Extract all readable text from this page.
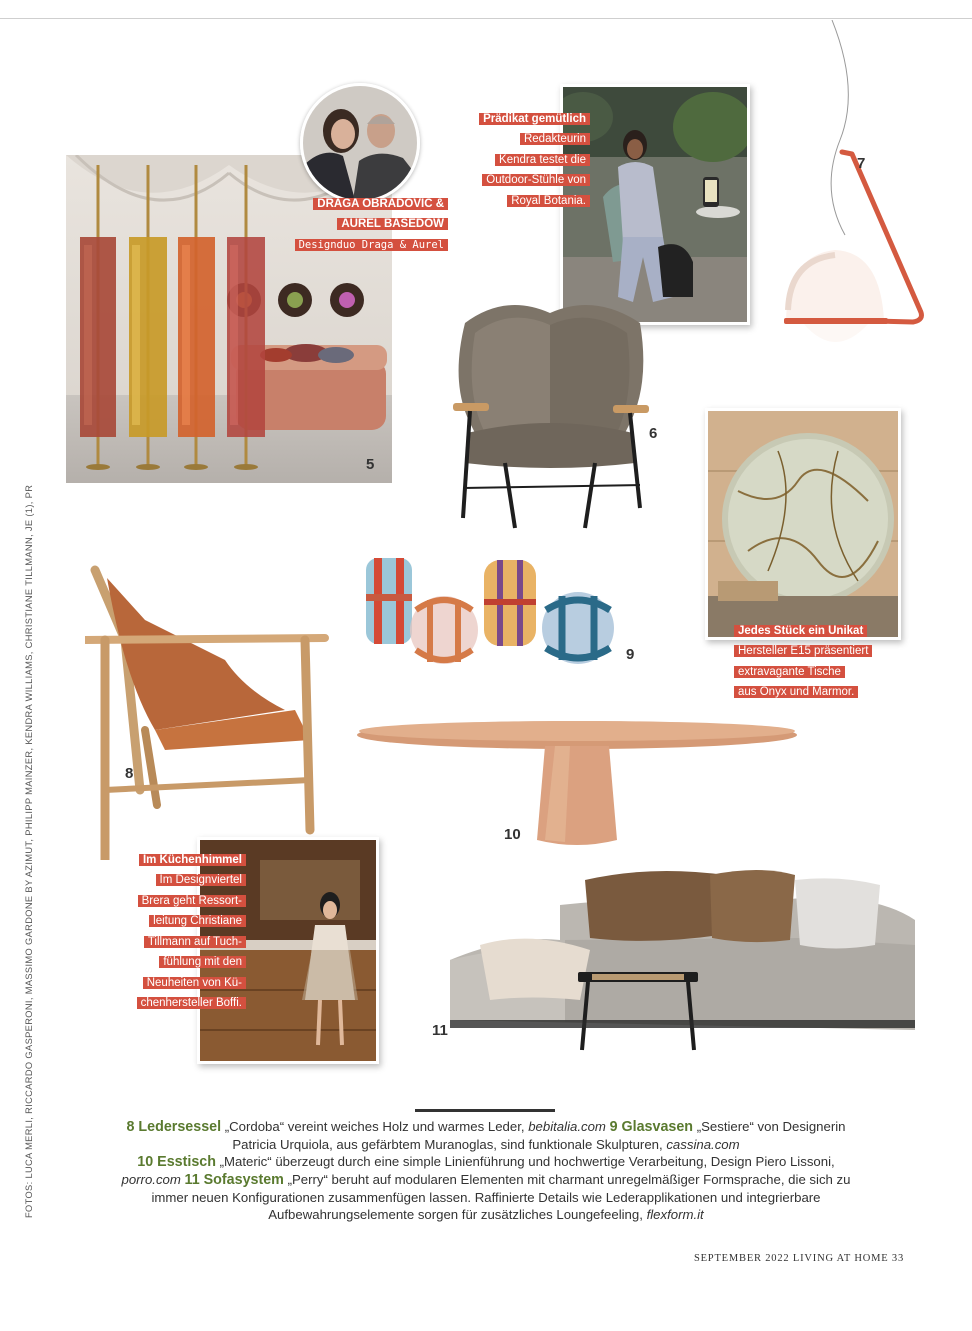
5
DRAGA OBRADOVIC &
AUREL BASEDOW
Designduo Draga & Aurel
Prädikat gemütlich
Redakteurin
Kendra testet die
Outdoor-Stühle von
Royal Botania.
7
6
Jedes Stück ein Unikat
Hersteller E15 präsentiert
extravagante Tische
aus Onyx und Marmor.
9
8
10
11
Im Küchenhimmel
Im Designviertel
Brera geht Ressort-
leitung Christiane
Tillmann auf Tuch-
fühlung mit den
Neuheiten von Kü-
chenhersteller Boffi.
FOTOS: LUCA MERLI, RICCARDO GASPERONI, MASSIMO GARDONE BY AZIMUT, PHILIPP MAINZER, KENDRA WILLIAMS, CHRISTIANE TILLMANN, JE (1), PR	8 Ledersessel „Cordoba“ vereint weiches Holz und warmes Leder, bebitalia.com 9 Glasvasen „Sestiere“ von Designerin Patricia Urquiola, aus gefärbtem Muranoglas, sind funktionale Skulpturen, cassina.com
10 Esstisch „Materic“ überzeugt durch eine simple Linienführung und hochwertige Verarbeitung, Design Piero Lissoni, porro.com 11 Sofasystem „Perry“ beruht auf modularen Elementen mit charmant unregelmäßiger Formsprache, die sich zu immer neuen Konfigurationen zusammenfügen lassen. Raffinierte Details wie Lederapplikationen und integrierbare Aufbewahrungselemente sorgen für zusätzliches Loungefeeling, flexform.it
SEPTEMBER 2022 LIVING AT HOME 33
